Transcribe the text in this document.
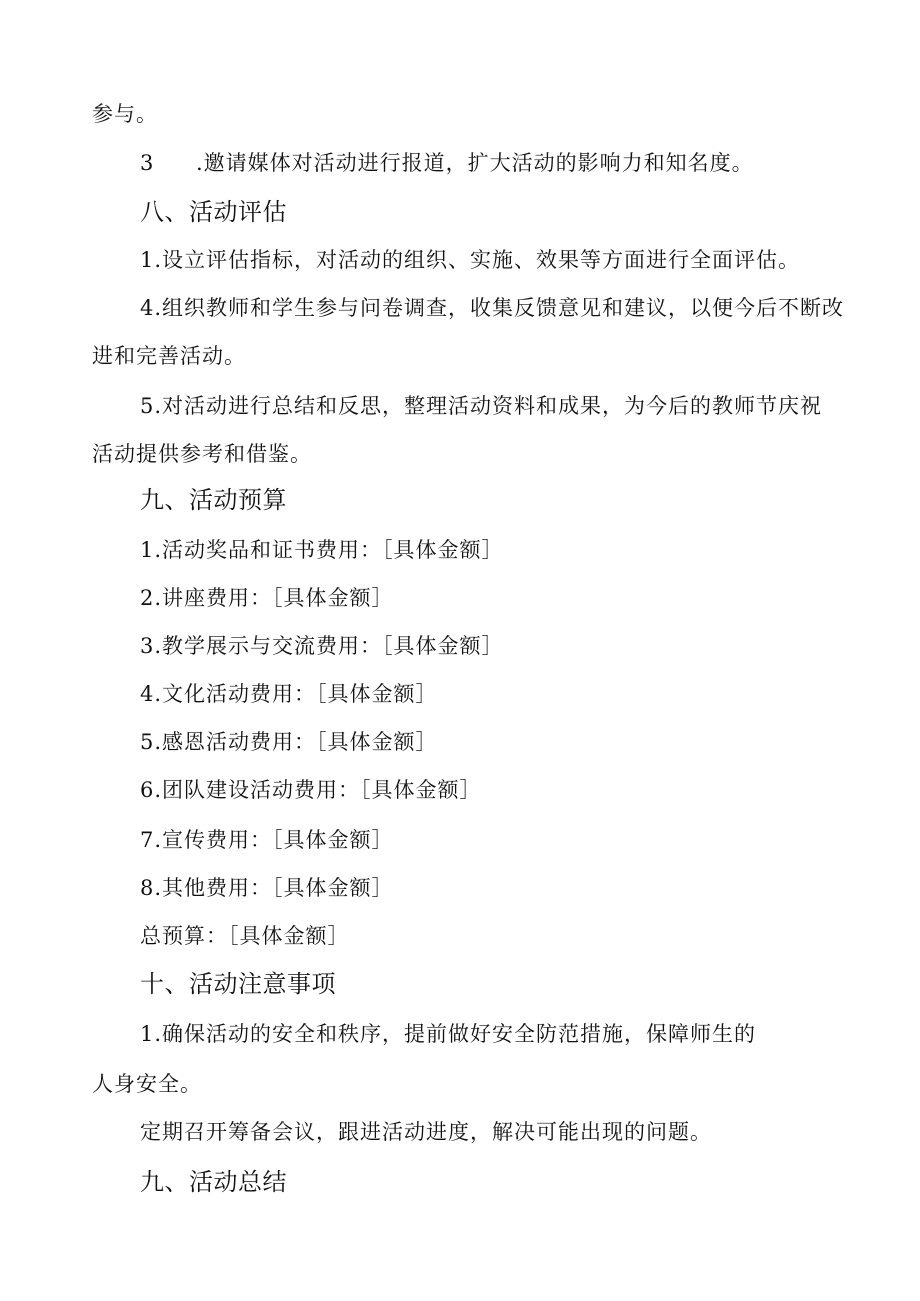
参与。
3 .邀请媒体对活动进行报道，扩大活动的影响力和知名度。
八、活动评估
1.设立评估指标，对活动的组织、实施、效果等方面进行全面评估。
4.组织教师和学生参与问卷调查，收集反馈意见和建议，以便今后不断改
进和完善活动。
5.对活动进行总结和反思，整理活动资料和成果，为今后的教师节庆祝
活动提供参考和借鉴。
九、活动预算
1.活动奖品和证书费用：［具体金额］
2.讲座费用：［具体金额］
3.教学展示与交流费用：［具体金额］
4.文化活动费用：［具体金额］
5.感恩活动费用：［具体金额］
6.团队建设活动费用：［具体金额］
7.宣传费用：［具体金额］
8.其他费用：［具体金额］
总预算：［具体金额］
十、活动注意事项
1.确保活动的安全和秩序，提前做好安全防范措施，保障师生的
人身安全。
定期召开筹备会议，跟进活动进度，解决可能出现的问题。
九、活动总结
